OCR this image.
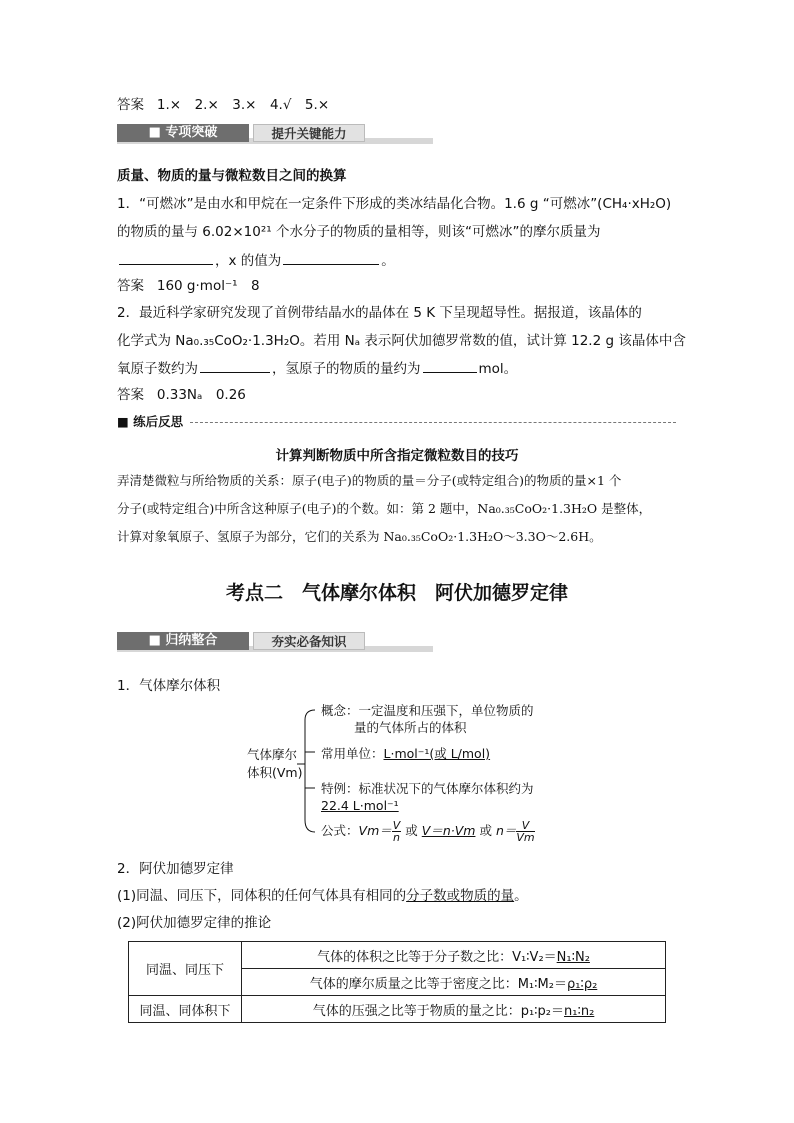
答案 1.×　2.×　3.×　4.√　5.×
■ 专项突破	提升关键能力
质量、物质的量与微粒数目之间的换算
1．“可燃冰”是由水和甲烷在一定条件下形成的类冰结晶化合物。1.6 g “可燃冰”(CH₄·xH₂O)
的物质的量与 6.02×10²¹ 个水分子的物质的量相等，则该“可燃冰”的摩尔质量为
，x 的值为	。
答案 160 g·mol⁻¹　8
2．最近科学家研究发现了首例带结晶水的晶体在 5 K 下呈现超导性。据报道，该晶体的
化学式为 Na₀.₃₅CoO₂·1.3H₂O。若用 Nₐ 表示阿伏加德罗常数的值，试计算 12.2 g 该晶体中含
氧原子数约为	，氢原子的物质的量约为	mol。
答案 0.33Nₐ　0.26
■ 练后反思
计算判断物质中所含指定微粒数目的技巧
弄清楚微粒与所给物质的关系：原子(电子)的物质的量＝分子(或特定组合)的物质的量×1 个
分子(或特定组合)中所含这种原子(电子)的个数。如：第 2 题中，Na₀.₃₅CoO₂·1.3H₂O 是整体，
计算对象氧原子、氢原子为部分，它们的关系为 Na₀.₃₅CoO₂·1.3H₂O～3.3O～2.6H。
考点二　气体摩尔体积　阿伏加德罗定律
■ 归纳整合	夯实必备知识
1．气体摩尔体积
气体摩尔
体积(Vm)
概念：一定温度和压强下，单位物质的
量的气体所占的体积
常用单位：L·mol⁻¹(或 L/mol)
特例：标准状况下的气体摩尔体积约为
22.4 L·mol⁻¹
公式：$Vm= \frac{V}{n}$ 或 V＝n·Vm 或 $n= \frac{V}{Vm}$
2．阿伏加德罗定律
(1)同温、同压下，同体积的任何气体具有相同的分子数或物质的量。
(2)阿伏加德罗定律的推论
同温、同压下	气体的体积之比等于分子数之比：V₁∶V₂＝N₁∶N₂
	气体的摩尔质量之比等于密度之比：M₁∶M₂＝ρ₁∶ρ₂
同温、同体积下	气体的压强之比等于物质的量之比：p₁∶p₂＝n₁∶n₂
